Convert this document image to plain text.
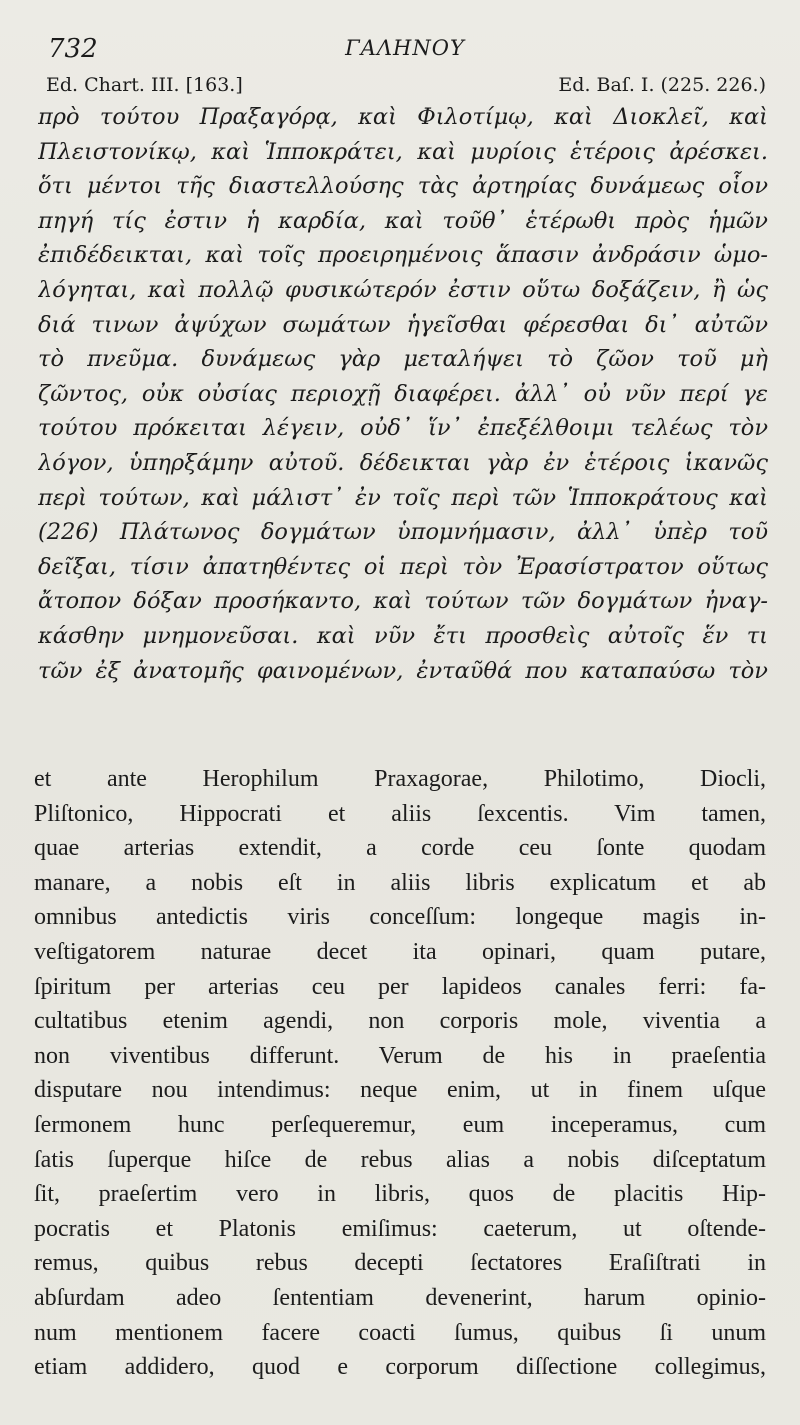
732	ΓΑΛΗΝΟΥ
Ed. Chart. III. [163.]	Ed. Baſ. I. (225. 226.)
πρὸ τούτου Πραξαγόρᾳ, καὶ Φιλοτίμῳ, καὶ Διοκλεῖ, καὶ
Πλειστονίκῳ, καὶ Ἱπποκράτει, καὶ μυρίοις ἑτέροις ἀρέσκει.
ὅτι μέντοι τῆς διαστελλούσης τὰς ἀρτηρίας δυνάμεως οἷον
πηγή τίς ἐστιν ἡ καρδία, καὶ τοῦθ᾽ ἑτέρωθι πρὸς ἡμῶν
ἐπιδέδεικται, καὶ τοῖς προειρημένοις ἅπασιν ἀνδράσιν ὡμο-
λόγηται, καὶ πολλῷ φυσικώτερόν ἐστιν οὕτω δοξάζειν, ἢ ὡς
διά τινων ἀψύχων σωμάτων ἡγεῖσθαι φέρεσθαι δι᾽ αὐτῶν
τὸ πνεῦμα. δυνάμεως γὰρ μεταλήψει τὸ ζῶον τοῦ μὴ
ζῶντος, οὐκ οὐσίας περιοχῇ διαφέρει. ἀλλ᾽ οὐ νῦν περί γε
τούτου πρόκειται λέγειν, οὐδ᾽ ἵν᾽ ἐπεξέλθοιμι τελέως τὸν
λόγον, ὑπηρξάμην αὐτοῦ. δέδεικται γὰρ ἐν ἑτέροις ἱκανῶς
περὶ τούτων, καὶ μάλιστ᾽ ἐν τοῖς περὶ τῶν Ἱπποκράτους καὶ
(226) Πλάτωνος δογμάτων ὑπομνήμασιν, ἀλλ᾽ ὑπὲρ τοῦ
δεῖξαι, τίσιν ἀπατηθέντες οἱ περὶ τὸν Ἐρασίστρατον οὕτως
ἄτοπον δόξαν προσήκαντο, καὶ τούτων τῶν δογμάτων ἠναγ-
κάσθην μνημονεῦσαι. καὶ νῦν ἔτι προσθεὶς αὐτοῖς ἕν τι
τῶν ἐξ ἀνατομῆς φαινομένων, ἐνταῦθά που καταπαύσω τὸν
et ante Herophilum Praxagorae, Philotimo, Diocli,
Pliſtonico, Hippocrati et aliis ſexcentis. Vim tamen,
quae arterias extendit, a corde ceu ſonte quodam
manare, a nobis eſt in aliis libris explicatum et ab
omnibus antedictis viris conceſſum: longeque magis in-
veſtigatorem naturae decet ita opinari, quam putare,
ſpiritum per arterias ceu per lapideos canales ferri: fa-
cultatibus etenim agendi, non corporis mole, viventia a
non viventibus differunt. Verum de his in praeſentia
disputare nou intendimus: neque enim, ut in finem uſque
ſermonem hunc perſequeremur, eum inceperamus, cum
ſatis ſuperque hiſce de rebus alias a nobis diſceptatum
ſit, praeſertim vero in libris, quos de placitis Hip-
pocratis et Platonis emiſimus: caeterum, ut oſtende-
remus, quibus rebus decepti ſectatores Eraſiſtrati in
abſurdam adeo ſententiam devenerint, harum opinio-
num mentionem facere coacti ſumus, quibus ſi unum
etiam addidero, quod e corporum diſſectione collegimus,
